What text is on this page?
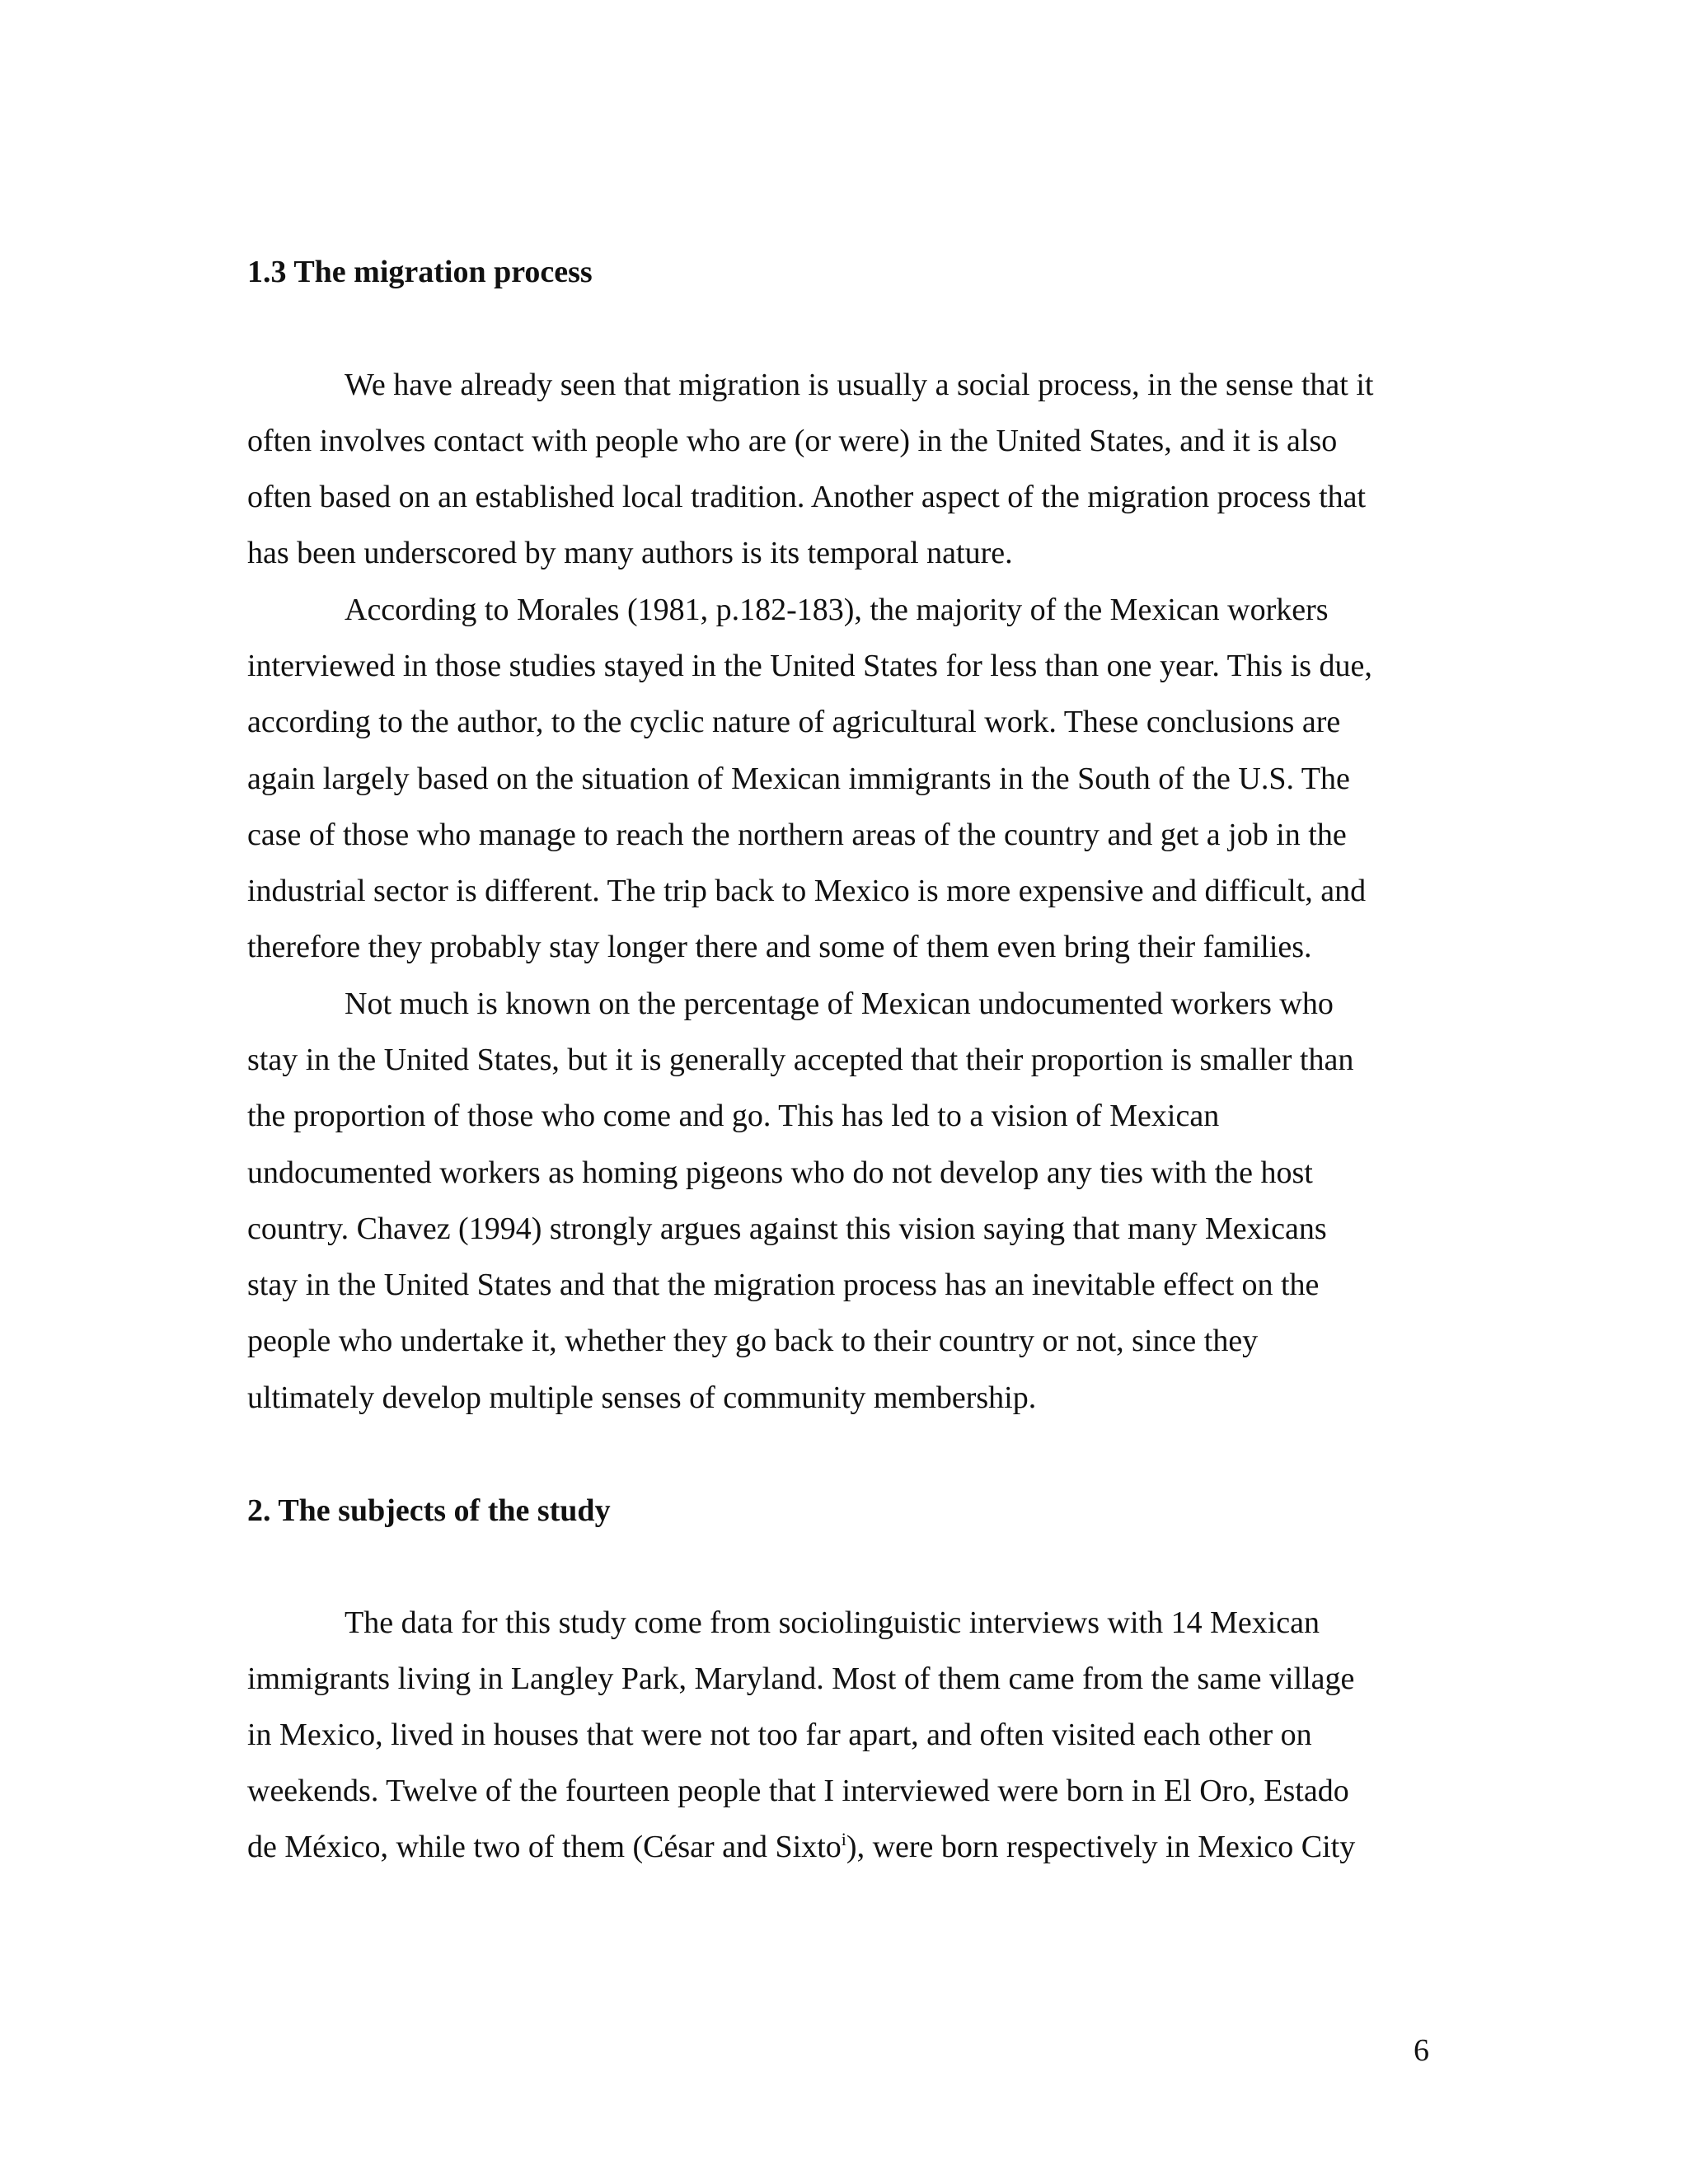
1.3 The migration process
We have already seen that migration is usually a social process, in the sense that it
often involves contact with people who are (or were) in the United States, and it is also
often based on an established local tradition. Another aspect of the migration process that
has been underscored by many authors is its temporal nature.
According to Morales (1981, p.182-183), the majority of the Mexican workers
interviewed in those studies stayed in the United States for less than one year. This is due,
according to the author, to the cyclic nature of agricultural work. These conclusions are
again largely based on the situation of Mexican immigrants in the South of the U.S. The
case of those who manage to reach the northern areas of the country and get a job in the
industrial sector is different. The trip back to Mexico is more expensive and difficult, and
therefore they probably stay longer there and some of them even bring their families.
Not much is known on the percentage of Mexican undocumented workers who
stay in the United States, but it is generally accepted that their proportion is smaller than
the proportion of those who come and go. This has led to a vision of Mexican
undocumented workers as homing pigeons who do not develop any ties with the host
country. Chavez (1994) strongly argues against this vision saying that many Mexicans
stay in the United States and that the migration process has an inevitable effect on the
people who undertake it, whether they go back to their country or not, since they
ultimately develop multiple senses of community membership.
2. The subjects of the study
The data for this study come from sociolinguistic interviews with 14 Mexican
immigrants living in Langley Park, Maryland. Most of them came from the same village
in Mexico, lived in houses that were not too far apart, and often visited each other on
weekends. Twelve of the fourteen people that I interviewed were born in El Oro, Estado
de México, while two of them (César and Sixto$^i$), were born respectively in Mexico City
6
